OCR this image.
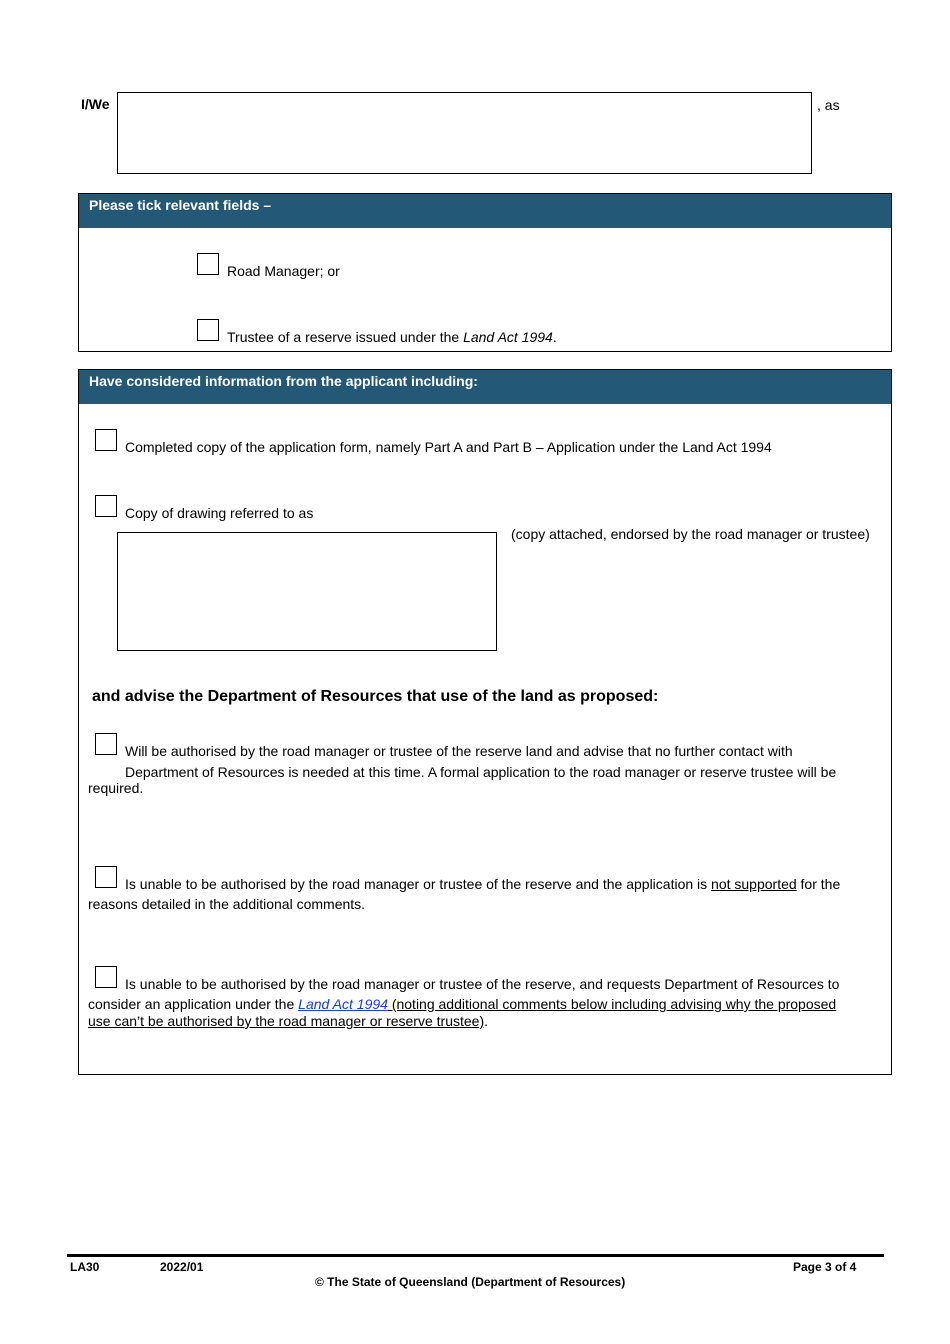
I/We	, as
Please tick relevant fields –
Road Manager; or
Trustee of a reserve issued under the Land Act 1994.
Have considered information from the applicant including:
Completed copy of the application form, namely Part A and Part B – Application under the Land Act 1994
Copy of drawing referred to as
(copy attached, endorsed by the road manager or trustee)
and advise the Department of Resources that use of the land as proposed:
Will be authorised by the road manager or trustee of the reserve land and advise that no further contact with
Department of Resources is needed at this time. A formal application to the road manager or reserve trustee will be
required.
Is unable to be authorised by the road manager or trustee of the reserve and the application is not supported for the
reasons detailed in the additional comments.
Is unable to be authorised by the road manager or trustee of the reserve, and requests Department of Resources to
consider an application under the Land Act 1994 (noting additional comments below including advising why the proposed
use can’t be authorised by the road manager or reserve trustee).
LA30	2022/01	Page 3 of 4
© The State of Queensland (Department of Resources)
